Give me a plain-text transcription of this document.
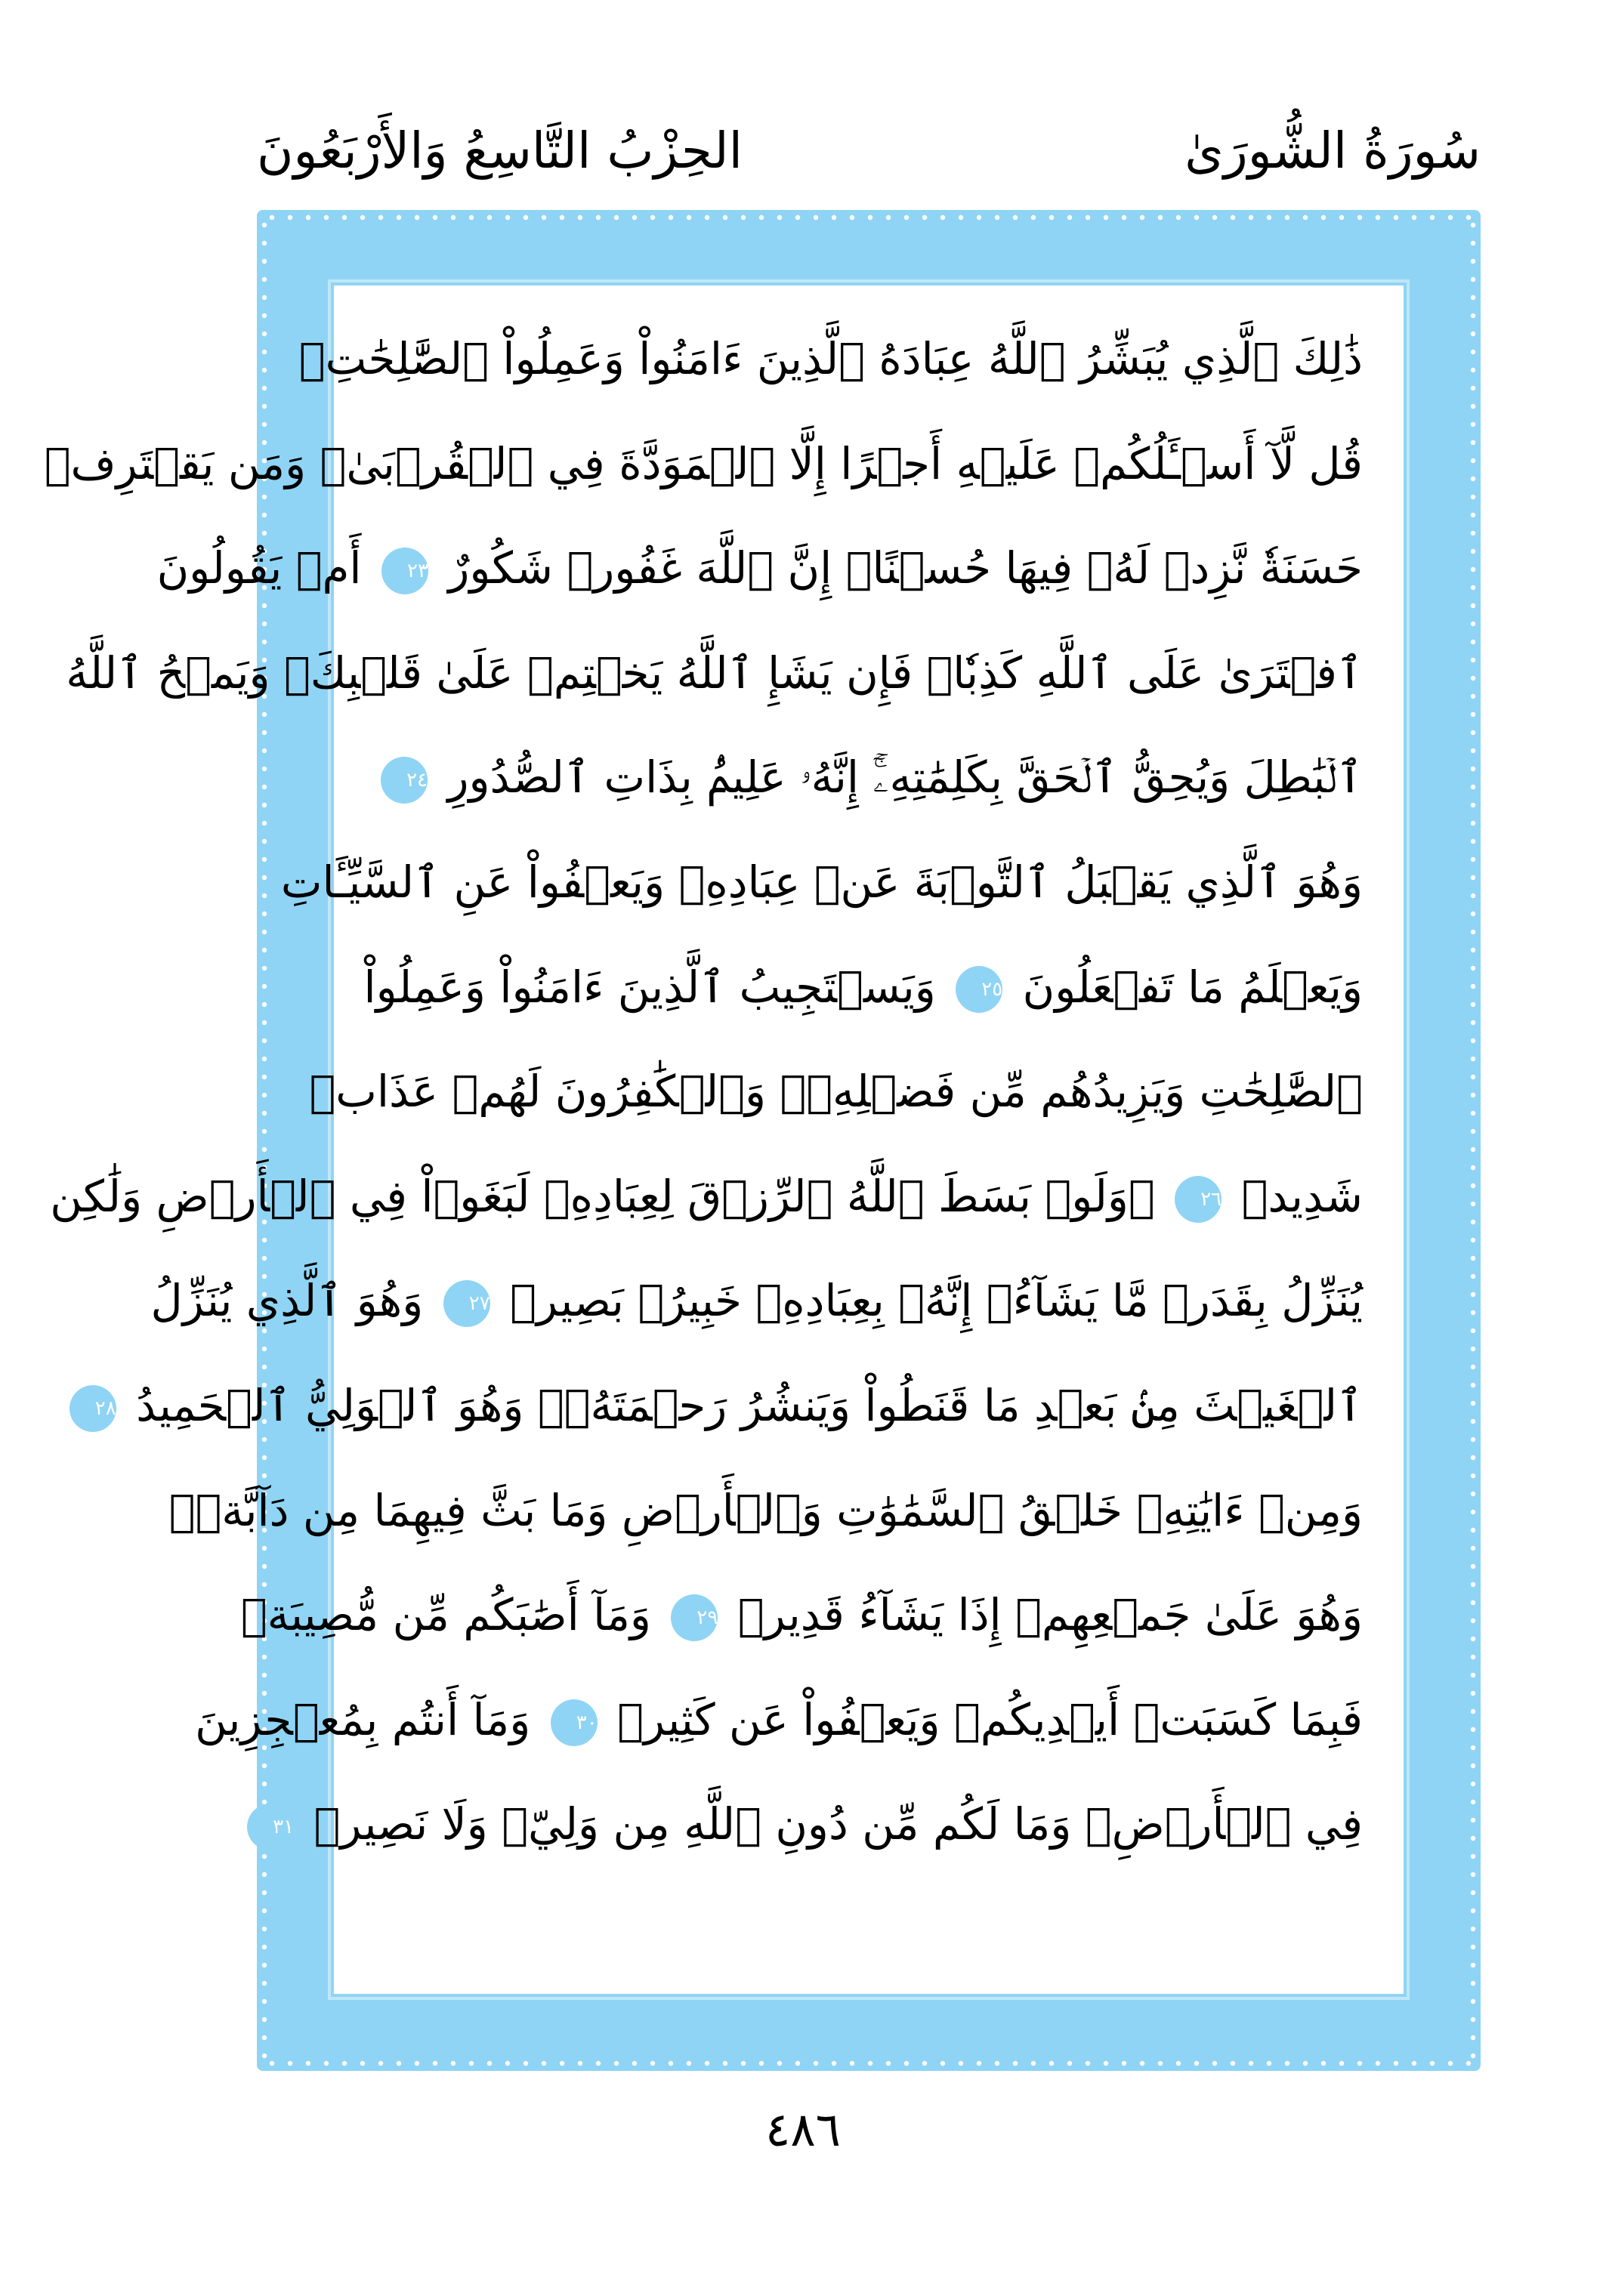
سُورَةُ الشُّورَىٰ
الحِزْبُ التَّاسِعُ وَالأَرْبَعُونَ
ذَٰلِكَ ٱلَّذِي يُبَشِّرُ ٱللَّهُ عِبَادَهُ ٱلَّذِينَ ءَامَنُواْ وَعَمِلُواْ ٱلصَّٰلِحَٰتِۗ
قُل لَّآ أَسۡـَٔلُكُمۡ عَلَيۡهِ أَجۡرًا إِلَّا ٱلۡمَوَدَّةَ فِي ٱلۡقُرۡبَىٰۗ وَمَن يَقۡتَرِفۡ
حَسَنَةٗ نَّزِدۡ لَهُۥ فِيهَا حُسۡنًاۚ إِنَّ ٱللَّهَ غَفُورٞ شَكُورٌ ٢٣ أَمۡ يَقُولُونَ
ٱفۡتَرَىٰ عَلَى ٱللَّهِ كَذِبٗاۖ فَإِن يَشَإِ ٱللَّهُ يَخۡتِمۡ عَلَىٰ قَلۡبِكَۗ وَيَمۡحُ ٱللَّهُ
ٱلۡبَٰطِلَ وَيُحِقُّ ٱلۡحَقَّ بِكَلِمَٰتِهِۦٓۚ إِنَّهُۥ عَلِيمُۢ بِذَاتِ ٱلصُّدُورِ ٢٤
وَهُوَ ٱلَّذِي يَقۡبَلُ ٱلتَّوۡبَةَ عَنۡ عِبَادِهِۦ وَيَعۡفُواْ عَنِ ٱلسَّيِّـَٔاتِ
وَيَعۡلَمُ مَا تَفۡعَلُونَ ٢٥ وَيَسۡتَجِيبُ ٱلَّذِينَ ءَامَنُواْ وَعَمِلُواْ
ٱلصَّٰلِحَٰتِ وَيَزِيدُهُم مِّن فَضۡلِهِۦۚ وَٱلۡكَٰفِرُونَ لَهُمۡ عَذَابٞ
شَدِيدٞ ٢٦ ۞وَلَوۡ بَسَطَ ٱللَّهُ ٱلرِّزۡقَ لِعِبَادِهِۦ لَبَغَوۡاْ فِي ٱلۡأَرۡضِ وَلَٰكِن
يُنَزِّلُ بِقَدَرٖ مَّا يَشَآءُۚ إِنَّهُۥ بِعِبَادِهِۦ خَبِيرُۢ بَصِيرٞ ٢٧ وَهُوَ ٱلَّذِي يُنَزِّلُ
ٱلۡغَيۡثَ مِنۢ بَعۡدِ مَا قَنَطُواْ وَيَنشُرُ رَحۡمَتَهُۥۚ وَهُوَ ٱلۡوَلِيُّ ٱلۡحَمِيدُ ٢٨
وَمِنۡ ءَايَٰتِهِۦ خَلۡقُ ٱلسَّمَٰوَٰتِ وَٱلۡأَرۡضِ وَمَا بَثَّ فِيهِمَا مِن دَآبَّةٖۚ
وَهُوَ عَلَىٰ جَمۡعِهِمۡ إِذَا يَشَآءُ قَدِيرٞ ٢٩ وَمَآ أَصَٰبَكُم مِّن مُّصِيبَةٖ
فَبِمَا كَسَبَتۡ أَيۡدِيكُمۡ وَيَعۡفُواْ عَن كَثِيرٖ ٣٠ وَمَآ أَنتُم بِمُعۡجِزِينَ
فِي ٱلۡأَرۡضِۖ وَمَا لَكُم مِّن دُونِ ٱللَّهِ مِن وَلِيّٖ وَلَا نَصِيرٖ ٣١
٤٨٦
